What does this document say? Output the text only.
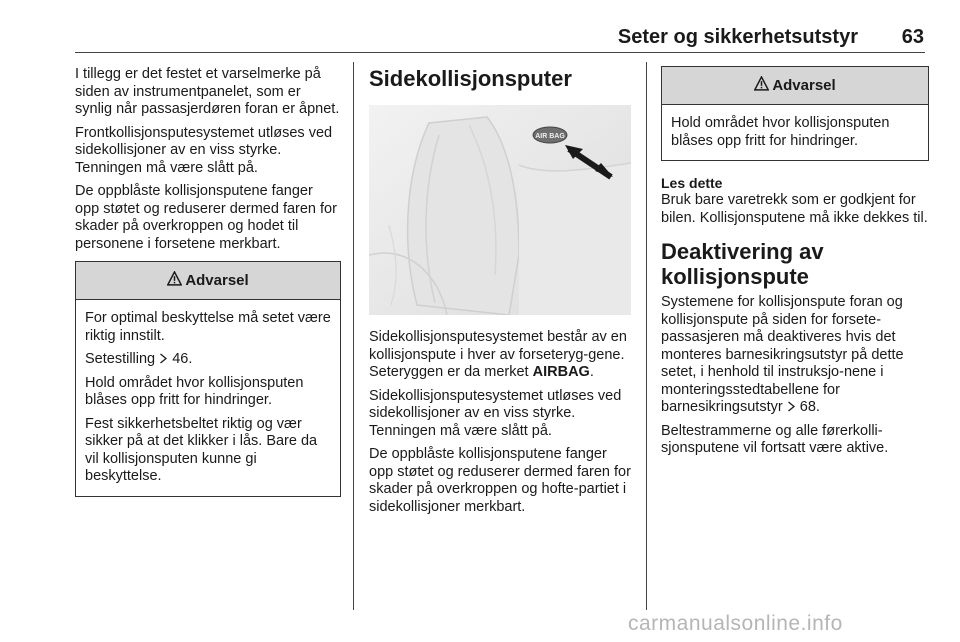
Seter og sikkerhetsutstyr	63
I tillegg er det festet et varselmerke på siden av instrumentpanelet, som er synlig når passasjerdøren foran er åpnet.
Frontkollisjonsputesystemet utløses ved sidekollisjoner av en viss styrke. Tenningen må være slått på.
De oppblåste kollisjonsputene fanger opp støtet og reduserer dermed faren for skader på overkroppen og hodet til personene i forsetene merkbart.
Advarsel
For optimal beskyttelse må setet være riktig innstilt.
Setestilling  46.
Hold området hvor kollisjonsputen blåses opp fritt for hindringer.
Fest sikkerhetsbeltet riktig og vær sikker på at det klikker i lås. Bare da vil kollisjonsputen kunne gi beskyttelse.
Sidekollisjonsputer
AIR BAG
Sidekollisjonsputesystemet består av en kollisjonspute i hver av forseteryg-gene. Seteryggen er da merket AIRBAG.
Sidekollisjonsputesystemet utløses ved sidekollisjoner av en viss styrke. Tenningen må være slått på.
De oppblåste kollisjonsputene fanger opp støtet og reduserer dermed faren for skader på overkroppen og hofte-partiet i sidekollisjoner merkbart.
Advarsel
Hold området hvor kollisjonsputen blåses opp fritt for hindringer.
Les dette
Bruk bare varetrekk som er godkjent for bilen. Kollisjonsputene må ikke dekkes til.
Deaktivering av kollisjonspute
Systemene for kollisjonspute foran og kollisjonspute på siden for forsete-passasjeren må deaktiveres hvis det monteres barnesikringsutstyr på dette setet, i henhold til instruksjo-nene i monteringsstedtabellene for barnesikringsutstyr  68.
Beltestrammerne og alle førerkolli-sjonsputene vil fortsatt være aktive.
carmanualsonline.info
